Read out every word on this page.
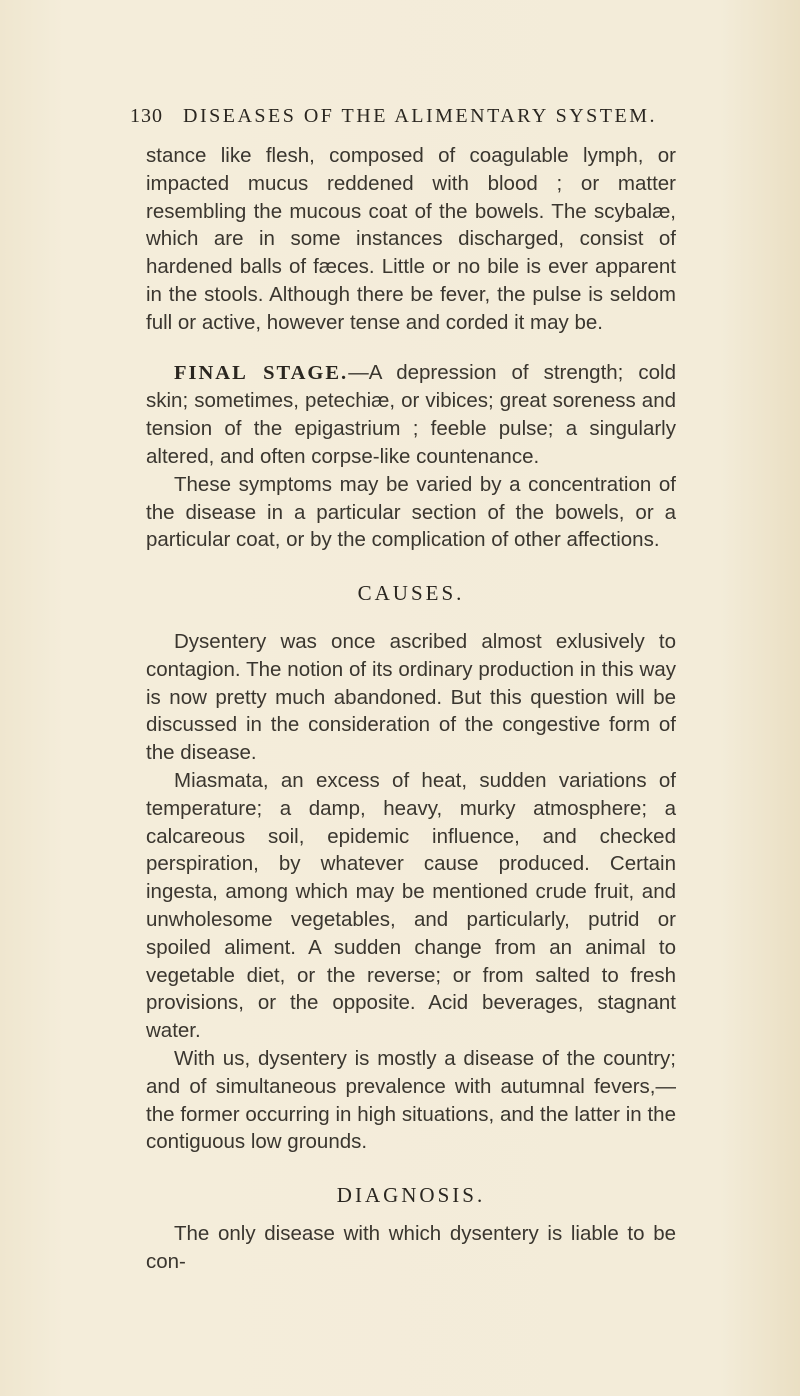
130 DISEASES OF THE ALIMENTARY SYSTEM.

stance like flesh, composed of coagulable lymph, or impacted mucus reddened with blood ; or matter resembling the mucous coat of the bowels. The scybalæ, which are in some instances discharged, consist of hardened balls of fæces. Little or no bile is ever apparent in the stools. Although there be fever, the pulse is seldom full or active, however tense and corded it may be.

FINAL STAGE.—A depression of strength; cold skin; sometimes, petechiæ, or vibices; great soreness and tension of the epigastrium ; feeble pulse; a singularly altered, and often corpse-like countenance.

These symptoms may be varied by a concentration of the disease in a particular section of the bowels, or a particular coat, or by the complication of other affections.

CAUSES.

Dysentery was once ascribed almost exlusively to contagion. The notion of its ordinary production in this way is now pretty much abandoned. But this question will be discussed in the consideration of the congestive form of the disease.

Miasmata, an excess of heat, sudden variations of temperature; a damp, heavy, murky atmosphere; a calcareous soil, epidemic influence, and checked perspiration, by whatever cause produced. Certain ingesta, among which may be mentioned crude fruit, and unwholesome vegetables, and particularly, putrid or spoiled aliment. A sudden change from an animal to vegetable diet, or the reverse; or from salted to fresh provisions, or the opposite. Acid beverages, stagnant water.

With us, dysentery is mostly a disease of the country; and of simultaneous prevalence with autumnal fevers,—the former occurring in high situations, and the latter in the contiguous low grounds.

DIAGNOSIS.

The only disease with which dysentery is liable to be con-
